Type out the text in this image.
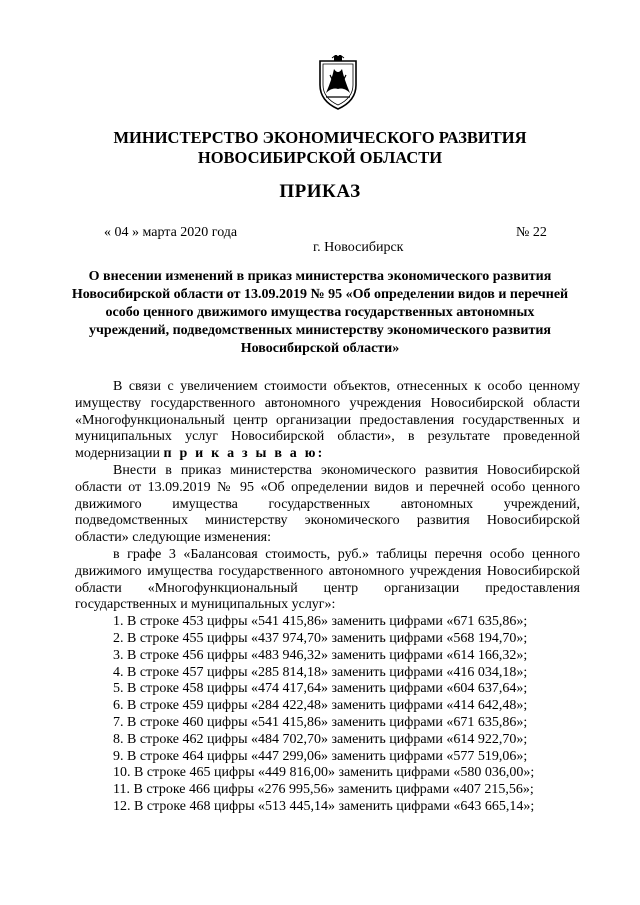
МИНИСТЕРСТВО ЭКОНОМИЧЕСКОГО РАЗВИТИЯ
НОВОСИБИРСКОЙ ОБЛАСТИ
ПРИКАЗ
« 04 » марта 2020 года	№ 22
г. Новосибирск
О внесении изменений в приказ министерства экономического развития Новосибирской области от 13.09.2019 № 95 «Об определении видов и перечней особо ценного движимого имущества государственных автономных учреждений, подведомственных министерству экономического развития Новосибирской области»

В связи с увеличением стоимости объектов, отнесенных к особо ценному имуществу государственного автономного учреждения Новосибирской области «Многофункциональный центр организации предоставления государственных и муниципальных услуг Новосибирской области», в результате проведенной модернизации п р и к а з ы в а ю:

Внести в приказ министерства экономического развития Новосибирской области от 13.09.2019 № 95 «Об определении видов и перечней особо ценного движимого имущества государственных автономных учреждений, подведомственных министерству экономического развития Новосибирской области» следующие изменения:

в графе 3 «Балансовая стоимость, руб.» таблицы перечня особо ценного движимого имущества государственного автономного учреждения Новосибирской области «Многофункциональный центр организации предоставления государственных и муниципальных услуг»:

1. В строке 453 цифры «541 415,86» заменить цифрами «671 635,86»;
2. В строке 455 цифры «437 974,70» заменить цифрами «568 194,70»;
3. В строке 456 цифры «483 946,32» заменить цифрами «614 166,32»;
4. В строке 457 цифры «285 814,18» заменить цифрами «416 034,18»;
5. В строке 458 цифры «474 417,64» заменить цифрами «604 637,64»;
6. В строке 459 цифры «284 422,48» заменить цифрами «414 642,48»;
7. В строке 460 цифры «541 415,86» заменить цифрами «671 635,86»;
8. В строке 462 цифры «484 702,70» заменить цифрами «614 922,70»;
9. В строке 464 цифры «447 299,06» заменить цифрами «577 519,06»;
10. В строке 465 цифры «449 816,00» заменить цифрами «580 036,00»;
11. В строке 466 цифры «276 995,56» заменить цифрами «407 215,56»;
12. В строке 468 цифры «513 445,14» заменить цифрами «643 665,14»;
